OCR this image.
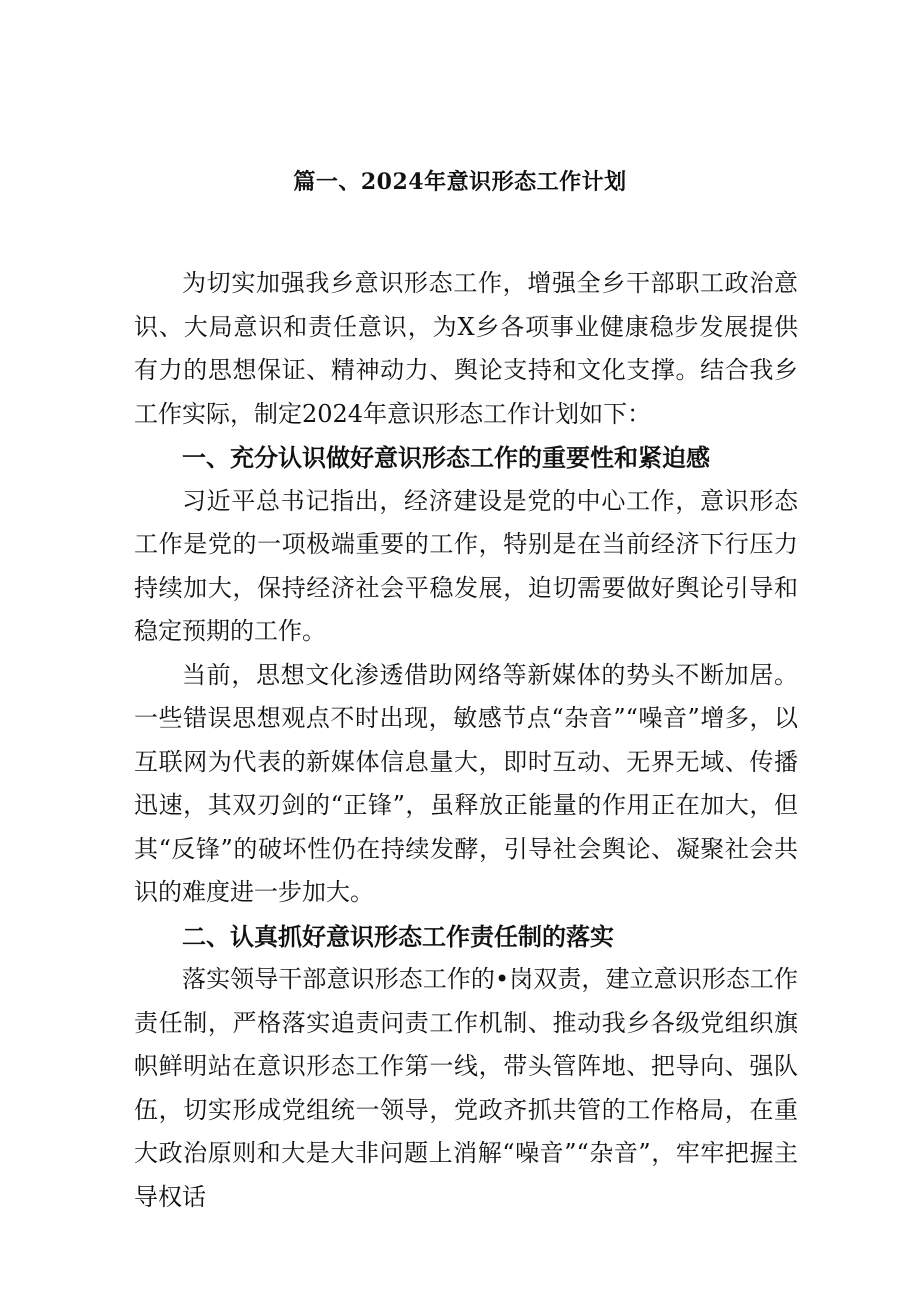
篇一、2024年意识形态工作计划

为切实加强我乡意识形态工作，增强全乡干部职工政治意识、大局意识和责任意识，为X乡各项事业健康稳步发展提供有力的思想保证、精神动力、舆论支持和文化支撑。结合我乡工作实际，制定2024年意识形态工作计划如下：

一、充分认识做好意识形态工作的重要性和紧迫感

习近平总书记指出，经济建设是党的中心工作，意识形态工作是党的一项极端重要的工作，特别是在当前经济下行压力持续加大，保持经济社会平稳发展，迫切需要做好舆论引导和稳定预期的工作。

当前，思想文化渗透借助网络等新媒体的势头不断加居。一些错误思想观点不时出现，敏感节点“杂音”“噪音”增多，以互联网为代表的新媒体信息量大，即时互动、无界无域、传播迅速，其双刃剑的“正锋”，虽释放正能量的作用正在加大，但其“反锋”的破坏性仍在持续发酵，引导社会舆论、凝聚社会共识的难度进一步加大。

二、认真抓好意识形态工作责任制的落实

落实领导干部意识形态工作的•岗双责，建立意识形态工作责任制，严格落实追责问责工作机制、推动我乡各级党组织旗帜鲜明站在意识形态工作第一线，带头管阵地、把导向、强队伍，切实形成党组统一领导，党政齐抓共管的工作格局，在重大政治原则和大是大非问题上消解“噪音”“杂音”，牢牢把握主导权话
